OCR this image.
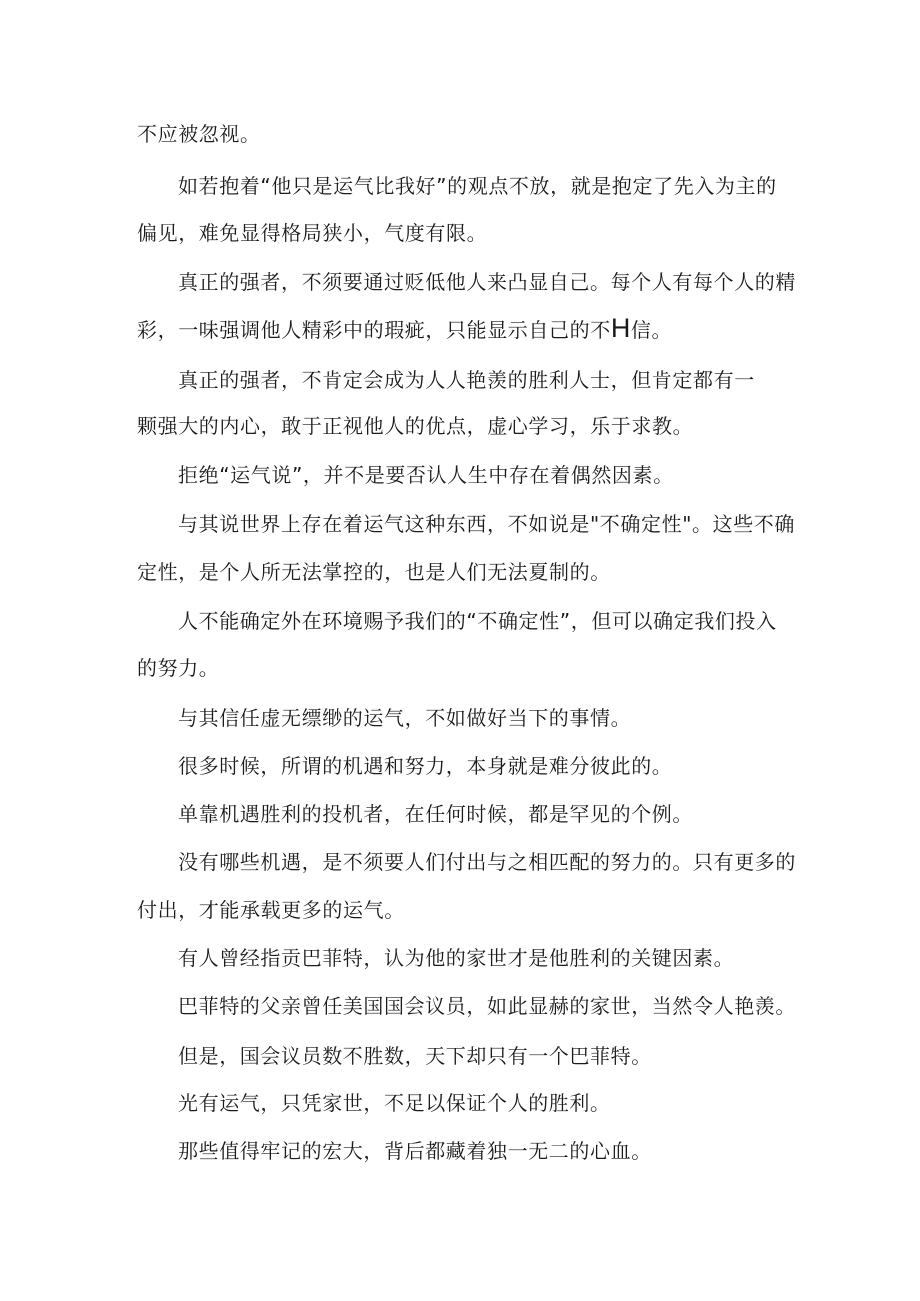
不应被忽视。

如若抱着“他只是运气比我好”的观点不放，就是抱定了先入为主的

偏见，难免显得格局狭小，气度有限。

真正的强者，不须要通过贬低他人来凸显自己。每个人有每个人的精

彩，一味强调他人精彩中的瑕疵，只能显示自己的不H信。

真正的强者，不肯定会成为人人艳羡的胜利人士，但肯定都有一

颗强大的内心，敢于正视他人的优点，虚心学习，乐于求教。

拒绝“运气说”，并不是要否认人生中存在着偶然因素。

与其说世界上存在着运气这种东西，不如说是"不确定性"。这些不确

定性，是个人所无法掌控的，也是人们无法夏制的。

人不能确定外在环境赐予我们的“不确定性”，但可以确定我们投入

的努力。

与其信任虚无缥缈的运气，不如做好当下的事情。

很多时候，所谓的机遇和努力，本身就是难分彼此的。

单靠机遇胜利的投机者，在任何时候，都是罕见的个例。

没有哪些机遇，是不须要人们付出与之相匹配的努力的。只有更多的

付出，才能承载更多的运气。

有人曾经指贡巴菲特，认为他的家世才是他胜利的关键因素。

巴菲特的父亲曾任美国国会议员，如此显赫的家世，当然令人艳羡。

但是，国会议员数不胜数，天下却只有一个巴菲特。

光有运气，只凭家世，不足以保证个人的胜利。

那些值得牢记的宏大，背后都藏着独一无二的心血。
